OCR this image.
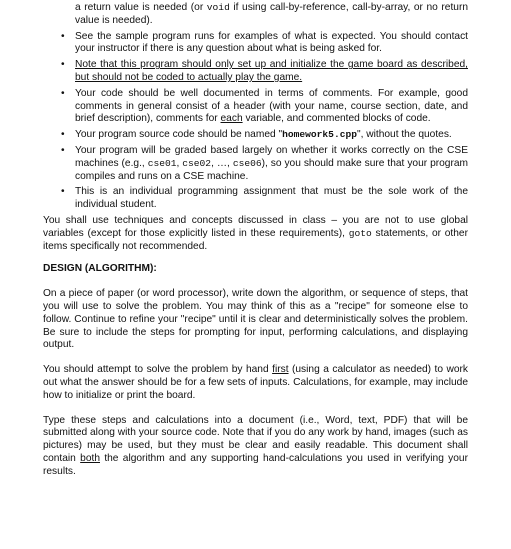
a return value is needed (or void if using call-by-reference, call-by-array, or no return value is needed).

• See the sample program runs for examples of what is expected. You should contact your instructor if there is any question about what is being asked for.
• Note that this program should only set up and initialize the game board as described, but should not be coded to actually play the game.
• Your code should be well documented in terms of comments. For example, good comments in general consist of a header (with your name, course section, date, and brief description), comments for each variable, and commented blocks of code.
• Your program source code should be named "homework5.cpp", without the quotes.
• Your program will be graded based largely on whether it works correctly on the CSE machines (e.g., cse01, cse02, …, cse06), so you should make sure that your program compiles and runs on a CSE machine.
• This is an individual programming assignment that must be the sole work of the individual student.

You shall use techniques and concepts discussed in class – you are not to use global variables (except for those explicitly listed in these requirements), goto statements, or other items specifically not recommended.

DESIGN (ALGORITHM):

On a piece of paper (or word processor), write down the algorithm, or sequence of steps, that you will use to solve the problem. You may think of this as a "recipe" for someone else to follow. Continue to refine your "recipe" until it is clear and deterministically solves the problem. Be sure to include the steps for prompting for input, performing calculations, and displaying output.

You should attempt to solve the problem by hand first (using a calculator as needed) to work out what the answer should be for a few sets of inputs. Calculations, for example, may include how to initialize or print the board.

Type these steps and calculations into a document (i.e., Word, text, PDF) that will be submitted along with your source code. Note that if you do any work by hand, images (such as pictures) may be used, but they must be clear and easily readable. This document shall contain both the algorithm and any supporting hand-calculations you used in verifying your results.
